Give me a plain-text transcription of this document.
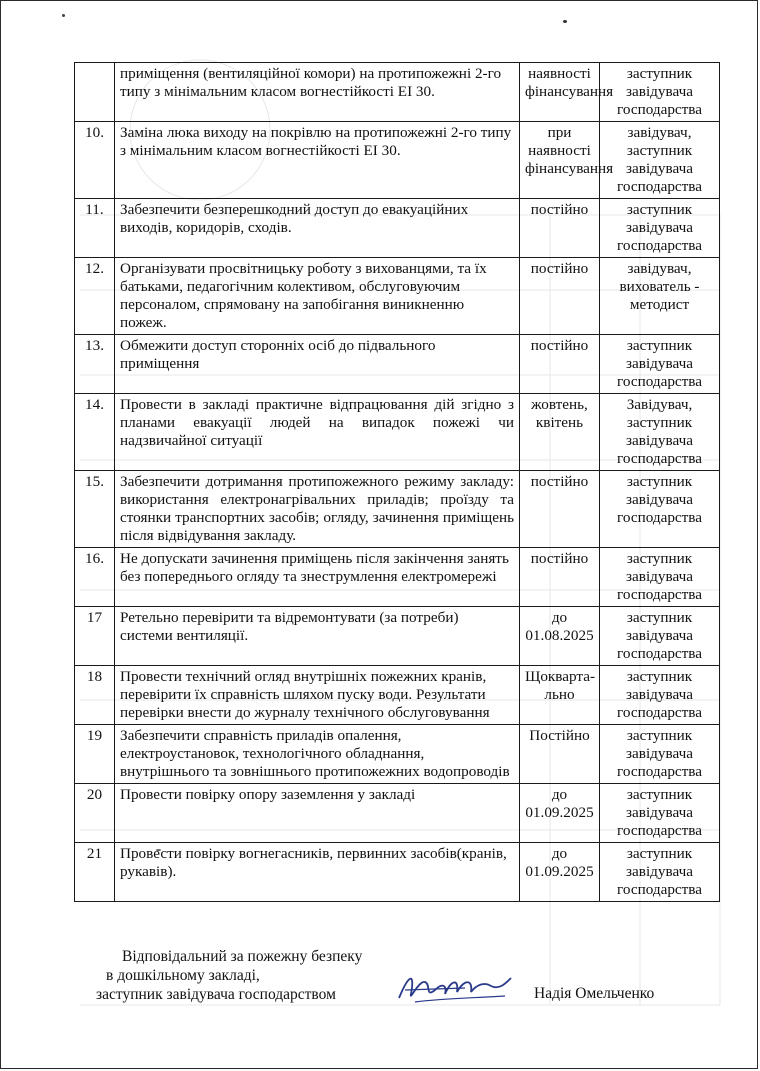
	приміщення (вентиляційної комори) на протипожежні 2-го типу з мінімальним класом вогнестійкості ЕІ 30.	наявності фінансування	заступник завідувача господарства
10.	Заміна люка виходу на покрівлю на протипожежні 2-го типу з мінімальним класом вогнестійкості ЕІ 30.	при наявності фінансування	завідувач, заступник завідувача господарства
11.	Забезпечити безперешкодний доступ до евакуаційних виходів, коридорів, сходів.	постійно	заступник завідувача господарства
12.	Організувати просвітницьку роботу з вихованцями, та їх батьками, педагогічним колективом, обслуговуючим персоналом, спрямовану на запобігання виникненню пожеж.	постійно	завідувач, вихователь - методист
13.	Обмежити доступ сторонніх осіб до підвального приміщення	постійно	заступник завідувача господарства
14.	Провести в закладі практичне відпрацювання дій згідно з планами евакуації людей на випадок пожежі чи надзвичайної ситуації	жовтень, квітень	Завідувач, заступник завідувача господарства
15.	Забезпечити дотримання протипожежного режиму закладу: використання електронагрівальних приладів; проїзду та стоянки транспортних засобів; огляду, зачинення приміщень після відвідування закладу.	постійно	заступник завідувача господарства
16.	Не допускати зачинення приміщень після закінчення занять без попереднього огляду та знеструмлення електромережі	постійно	заступник завідувача господарства
17	Ретельно перевірити та відремонтувати (за потреби) системи вентиляції.	до 01.08.2025	заступник завідувача господарства
18	Провести технічний огляд внутрішніх пожежних кранів, перевірити їх справність шляхом пуску води. Результати перевірки внести до журналу технічного обслуговування	Щокварта-льно	заступник завідувача господарства
19	Забезпечити справність приладів опалення, електроустановок, технологічного обладнання, внутрішнього та зовнішнього протипожежних водопроводів	Постійно	заступник завідувача господарства
20	Провести повірку опору заземлення у закладі	до 01.09.2025	заступник завідувача господарства
21	Провести повірку вогнегасників, первинних засобів(кранів, рукавів).	до 01.09.2025	заступник завідувача господарства
Відповідальний за пожежну безпеку
в дошкільному закладі,
заступник завідувача господарством	Надія Омельченко
